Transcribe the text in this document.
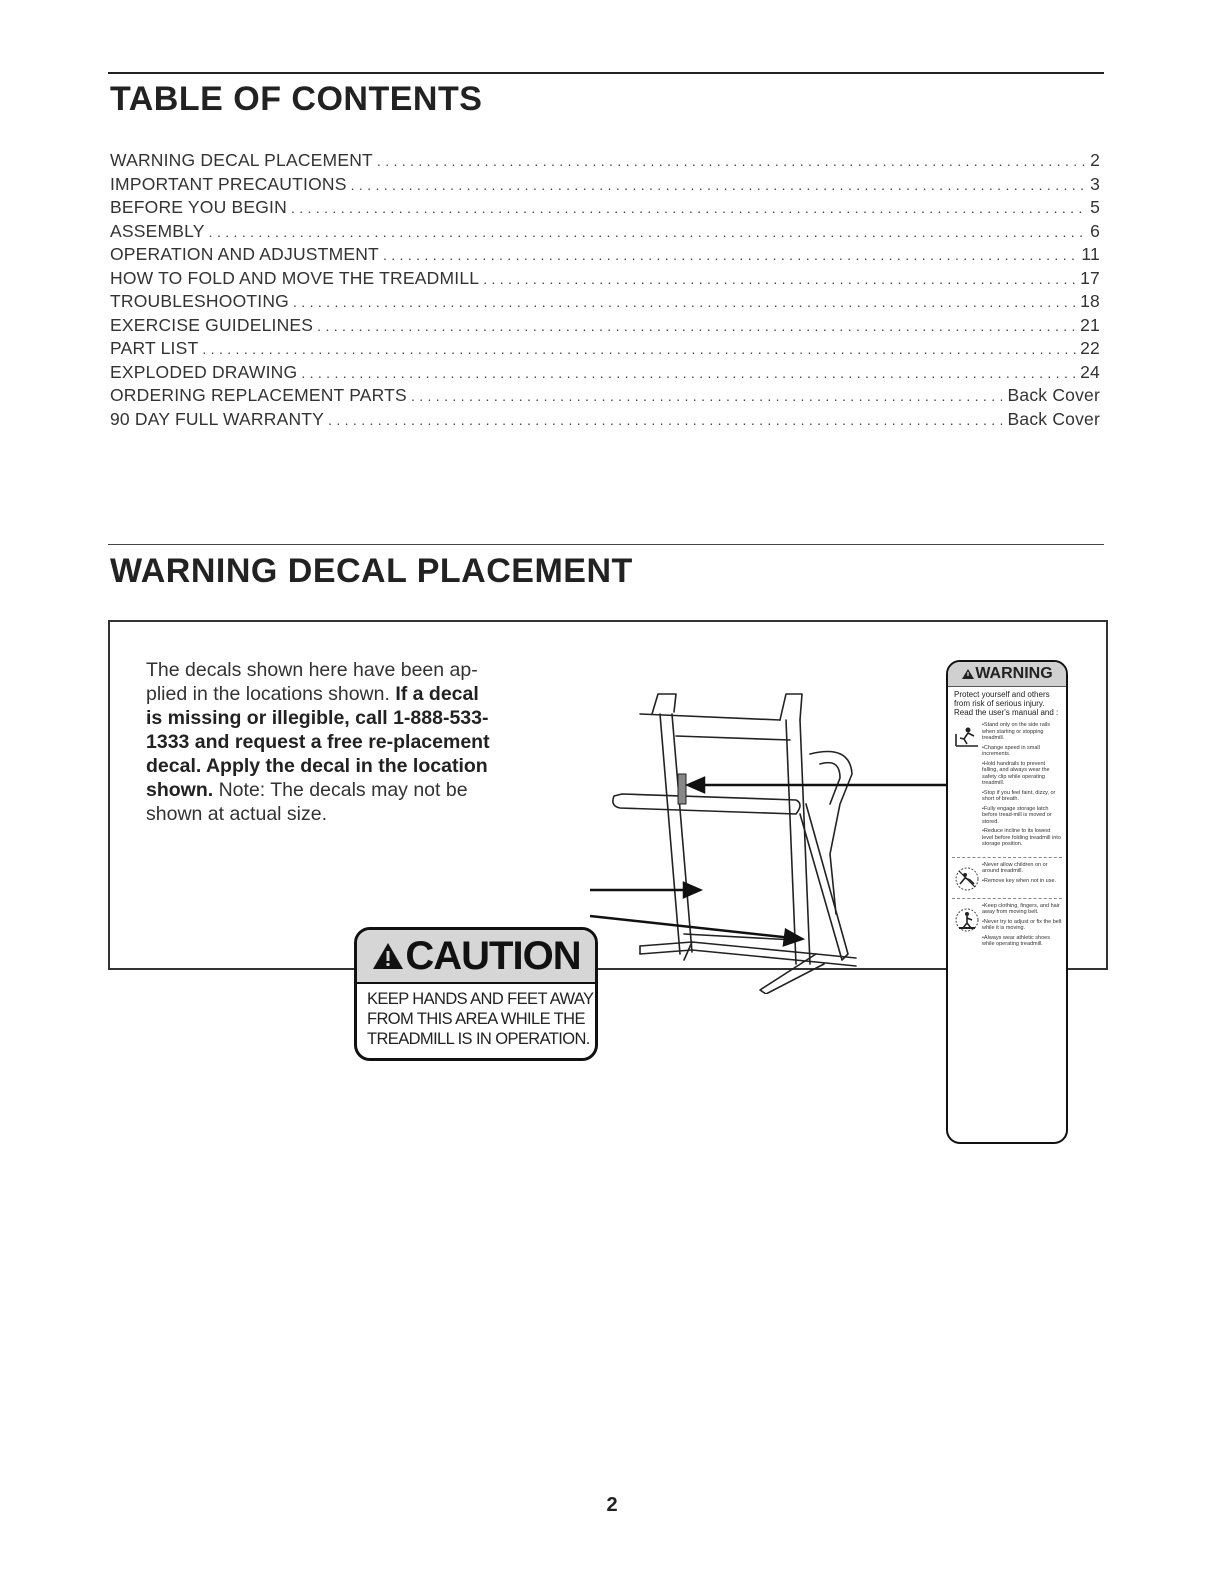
TABLE OF CONTENTS
WARNING DECAL PLACEMENT .....	2
IMPORTANT PRECAUTIONS .....	3
BEFORE YOU BEGIN .....	5
ASSEMBLY .....	6
OPERATION AND ADJUSTMENT .....	11
HOW TO FOLD AND MOVE THE TREADMILL .....	17
TROUBLESHOOTING .....	18
EXERCISE GUIDELINES .....	21
PART LIST .....	22
EXPLODED DRAWING .....	24
ORDERING REPLACEMENT PARTS .....	Back Cover
90 DAY FULL WARRANTY .....	Back Cover
WARNING DECAL PLACEMENT

The decals shown here have been ap-plied in the locations shown. If a decal is missing or illegible, call 1-888-533-1333 and request a free re-placement decal. Apply the decal in the location shown. Note: The decals may not be shown at actual size.

CAUTION
KEEP HANDS AND FEET AWAY
FROM THIS AREA WHILE THE
TREADMILL IS IN OPERATION.
WARNING
Protect yourself and others from risk of serious injury. Read the user's manual and :
•Stand only on the side rails when starting or stopping treadmill.
•Change speed in small increments.
•Hold handrails to prevent falling, and always wear the safety clip while operating treadmill.
•Stop if you feel faint, dizzy, or short of breath.
•Fully engage storage latch before tread-mill is moved or stored.
•Reduce incline to its lowest level before folding treadmill into storage position.
•Never allow children on or around treadmill.
•Remove key when not in use.
•Keep clothing, fingers, and hair away from moving belt.
•Never try to adjust or fix the belt while it is moving.
•Always wear athletic shoes while operating treadmill.

2
